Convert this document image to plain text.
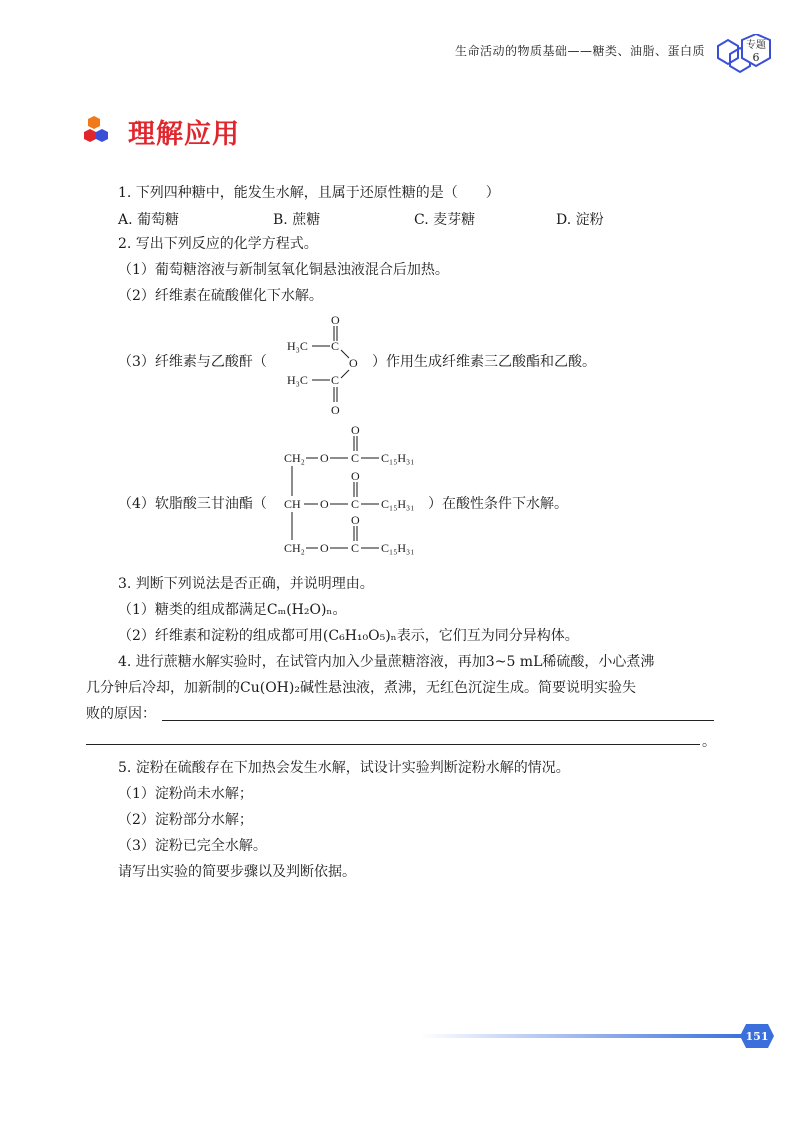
生命活动的物质基础——糖类、油脂、蛋白质	专题
6
理解应用
1. 下列四种糖中，能发生水解，且属于还原性糖的是（　　）
A. 葡萄糖	B. 蔗糖	C. 麦芽糖	D. 淀粉
2. 写出下列反应的化学方程式。
（1）葡萄糖溶液与新制氢氧化铜悬浊液混合后加热。
（2）纤维素在硫酸催化下水解。
（3）纤维素与乙酸酐（
O
H₃C C
O
H₃C C
O
）作用生成纤维素三乙酸酯和乙酸。
（4）软脂酸三甘油酯（
CH₂ O C
O
C₁₅H₃₁
CH O C
O
C₁₅H₃₁
CH₂ O C
O
C₁₅H₃₁
）在酸性条件下水解。
3. 判断下列说法是否正确，并说明理由。
（1）糖类的组成都满足Cₘ(H₂O)ₙ。
（2）纤维素和淀粉的组成都可用(C₆H₁₀O₅)ₙ表示，它们互为同分异构体。
4. 进行蔗糖水解实验时，在试管内加入少量蔗糖溶液，再加3~5 mL稀硫酸，小心煮沸
几分钟后冷却，加新制的Cu(OH)₂碱性悬浊液，煮沸，无红色沉淀生成。简要说明实验失
败的原因：
。
5. 淀粉在硫酸存在下加热会发生水解，试设计实验判断淀粉水解的情况。
（1）淀粉尚未水解；
（2）淀粉部分水解；
（3）淀粉已完全水解。
请写出实验的简要步骤以及判断依据。
151
